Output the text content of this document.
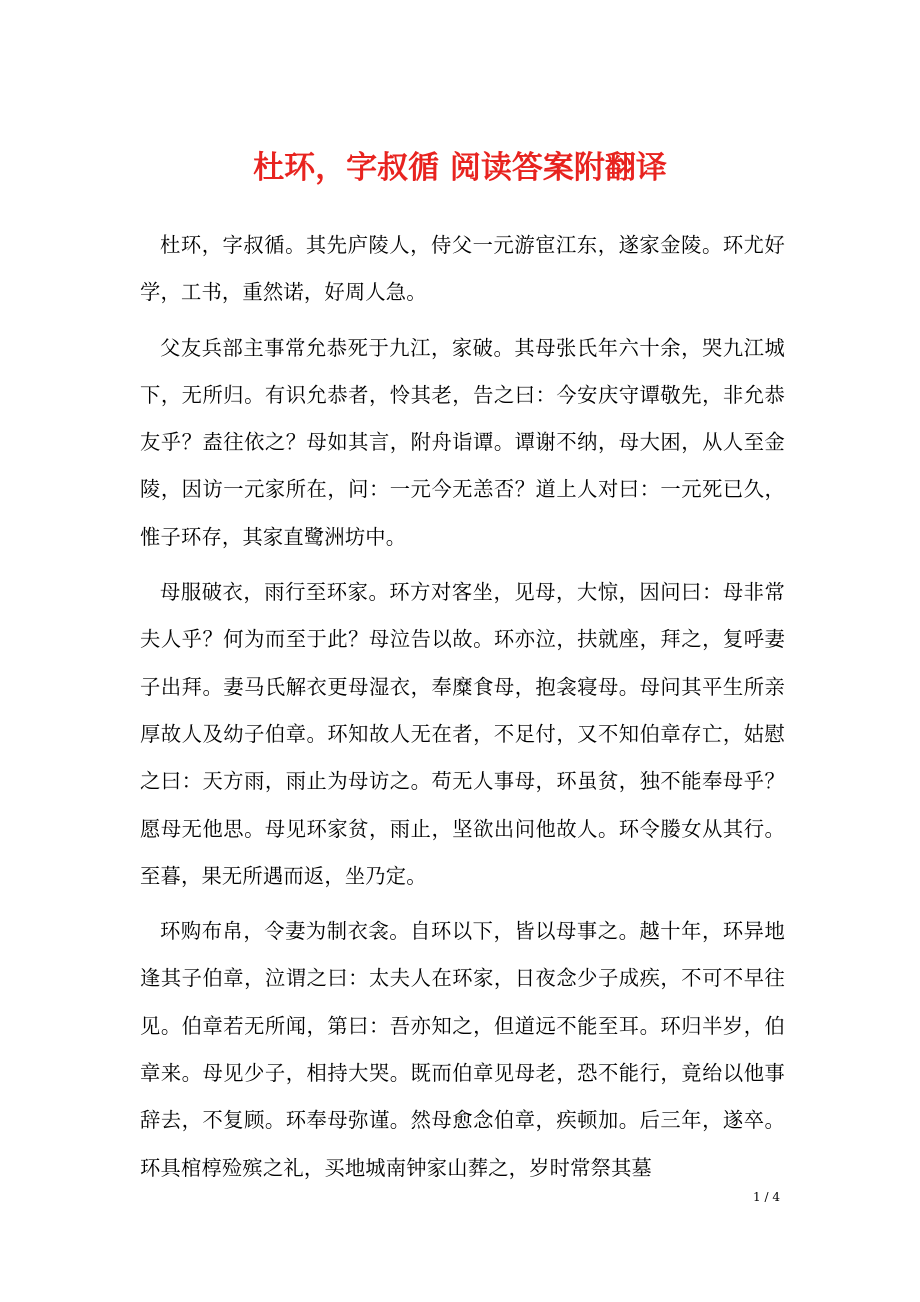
杜环，字叔循 阅读答案附翻译

杜环，字叔循。其先庐陵人，侍父一元游宦江东，遂家金陵。环尤好学，工书，重然诺，好周人急。

父友兵部主事常允恭死于九江，家破。其母张氏年六十余，哭九江城下，无所归。有识允恭者，怜其老，告之曰：今安庆守谭敬先，非允恭友乎？盍往依之？母如其言，附舟诣谭。谭谢不纳，母大困，从人至金陵，因访一元家所在，问：一元今无恙否？道上人对曰：一元死已久，惟子环存，其家直鹭洲坊中。

母服破衣，雨行至环家。环方对客坐，见母，大惊，因问曰：母非常夫人乎？何为而至于此？母泣告以故。环亦泣，扶就座，拜之，复呼妻子出拜。妻马氏解衣更母湿衣，奉糜食母，抱衾寝母。母问其平生所亲厚故人及幼子伯章。环知故人无在者，不足付，又不知伯章存亡，姑慰之曰：天方雨，雨止为母访之。苟无人事母，环虽贫，独不能奉母乎？愿母无他思。母见环家贫，雨止，坚欲出问他故人。环令媵女从其行。至暮，果无所遇而返，坐乃定。

环购布帛，令妻为制衣衾。自环以下，皆以母事之。越十年，环异地逢其子伯章，泣谓之曰：太夫人在环家，日夜念少子成疾，不可不早往见。伯章若无所闻，第曰：吾亦知之，但道远不能至耳。环归半岁，伯章来。母见少子，相持大哭。既而伯章见母老，恐不能行，竟绐以他事辞去，不复顾。环奉母弥谨。然母愈念伯章，疾顿加。后三年，遂卒。环具棺椁殓殡之礼，买地城南钟家山葬之，岁时常祭其墓

1 / 4
